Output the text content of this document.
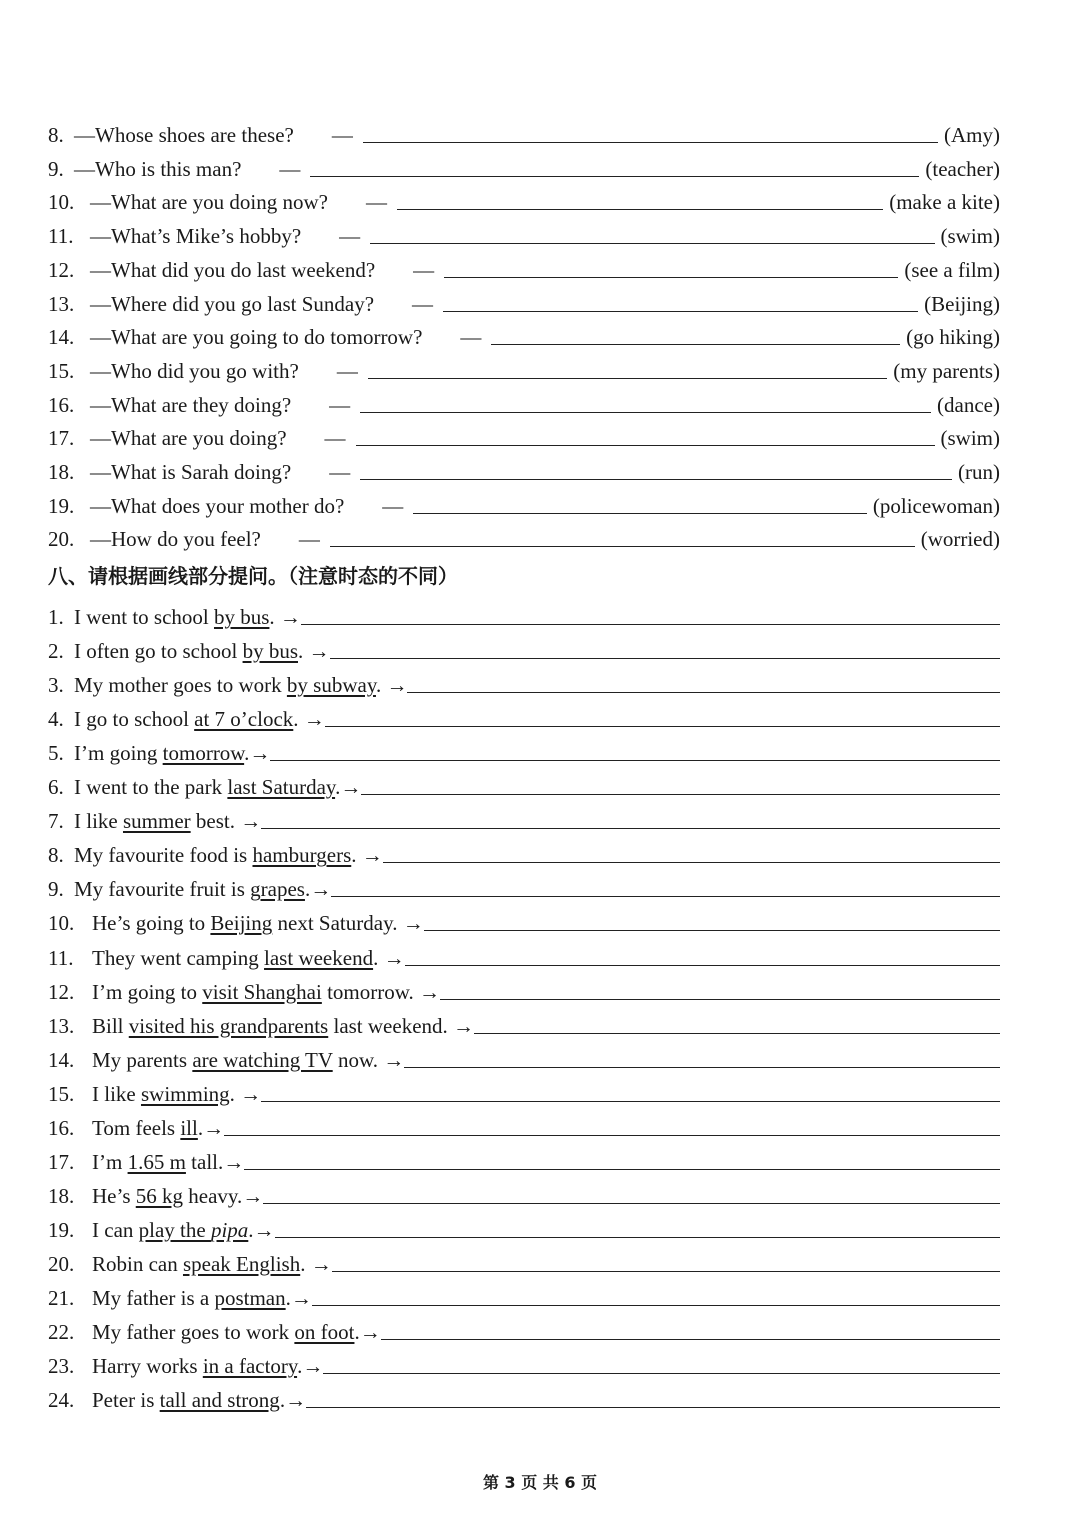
8. —Whose shoes are these? —	(Amy)
9. —Who is this man? —	(teacher)
10. —What are you doing now? —	(make a kite)
11. —What’s Mike’s hobby? —	(swim)
12. —What did you do last weekend? —	(see a film)
13. —Where did you go last Sunday? —	(Beijing)
14. —What are you going to do tomorrow? —	(go hiking)
15. —Who did you go with? —	(my parents)
16. —What are they doing? —	(dance)
17. —What are you doing? —	(swim)
18. —What is Sarah doing? —	(run)
19. —What does your mother do? —	(policewoman)
20. —How do you feel? —	(worried)
八、请根据画线部分提问。（注意时态的不同）
1. I went to school by bus. →
2. I often go to school by bus. →
3. My mother goes to work by subway. →
4. I go to school at 7 o’clock. →
5. I’m going tomorrow.→
6. I went to the park last Saturday.→
7. I like summer best. →
8. My favourite food is hamburgers. →
9. My favourite fruit is grapes.→
10. He’s going to Beijing next Saturday. →
11. They went camping last weekend. →
12. I’m going to visit Shanghai tomorrow. →
13. Bill visited his grandparents last weekend. →
14. My parents are watching TV now. →
15. I like swimming. →
16. Tom feels ill.→
17. I’m 1.65 m tall.→
18. He’s 56 kg heavy.→
19. I can play the pipa.→
20. Robin can speak English. →
21. My father is a postman.→
22. My father goes to work on foot.→
23. Harry works in a factory.→
24. Peter is tall and strong.→
第 3 页 共 6 页
